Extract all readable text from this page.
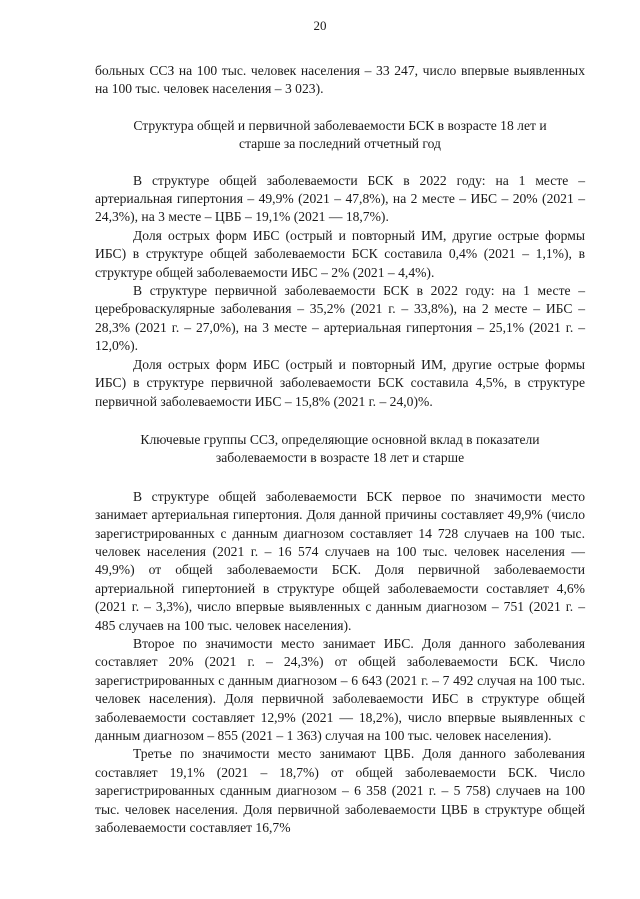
20

больных ССЗ на 100 тыс. человек населения – 33 247, число впервые выявленных на 100 тыс. человек населения – 3 023).

Структура общей и первичной заболеваемости БСК в возрасте 18 лет и
старше за последний отчетный год

В структуре общей заболеваемости БСК в 2022 году: на 1 месте – артериальная гипертония – 49,9% (2021 – 47,8%), на 2 месте – ИБС – 20% (2021 – 24,3%), на 3 месте – ЦВБ – 19,1% (2021 — 18,7%).

Доля острых форм ИБС (острый и повторный ИМ, другие острые формы ИБС) в структуре общей заболеваемости БСК составила 0,4% (2021 – 1,1%), в структуре общей заболеваемости ИБС – 2% (2021 – 4,4%).

В структуре первичной заболеваемости БСК в 2022 году: на 1 месте – цереброваскулярные заболевания – 35,2% (2021 г. – 33,8%), на 2 месте – ИБС – 28,3% (2021 г. – 27,0%), на 3 месте – артериальная гипертония – 25,1% (2021 г. – 12,0%).

Доля острых форм ИБС (острый и повторный ИМ, другие острые формы ИБС) в структуре первичной заболеваемости БСК составила 4,5%, в структуре первичной заболеваемости ИБС – 15,8% (2021 г. – 24,0)%.

Ключевые группы ССЗ, определяющие основной вклад в показатели
заболеваемости в возрасте 18 лет и старше

В структуре общей заболеваемости БСК первое по значимости место занимает артериальная гипертония. Доля данной причины составляет 49,9% (число зарегистрированных с данным диагнозом составляет 14 728 случаев на 100 тыс. человек населения (2021 г. – 16 574 случаев на 100 тыс. человек населения — 49,9%) от общей заболеваемости БСК. Доля первичной заболеваемости артериальной гипертонией в структуре общей заболеваемости составляет 4,6% (2021 г. – 3,3%), число впервые выявленных с данным диагнозом – 751 (2021 г. – 485 случаев на 100 тыс. человек населения).

Второе по значимости место занимает ИБС. Доля данного заболевания составляет 20% (2021 г. – 24,3%) от общей заболеваемости БСК. Число зарегистрированных с данным диагнозом – 6 643 (2021 г. – 7 492 случая на 100 тыс. человек населения). Доля первичной заболеваемости ИБС в структуре общей заболеваемости составляет 12,9% (2021 — 18,2%), число впервые выявленных с данным диагнозом – 855 (2021 – 1 363) случая на 100 тыс. человек населения).

Третье по значимости место занимают ЦВБ. Доля данного заболевания составляет 19,1% (2021 – 18,7%) от общей заболеваемости БСК. Число зарегистрированных сданным диагнозом – 6 358 (2021 г. – 5 758) случаев на 100 тыс. человек населения. Доля первичной заболеваемости ЦВБ в структуре общей заболеваемости составляет 16,7%
